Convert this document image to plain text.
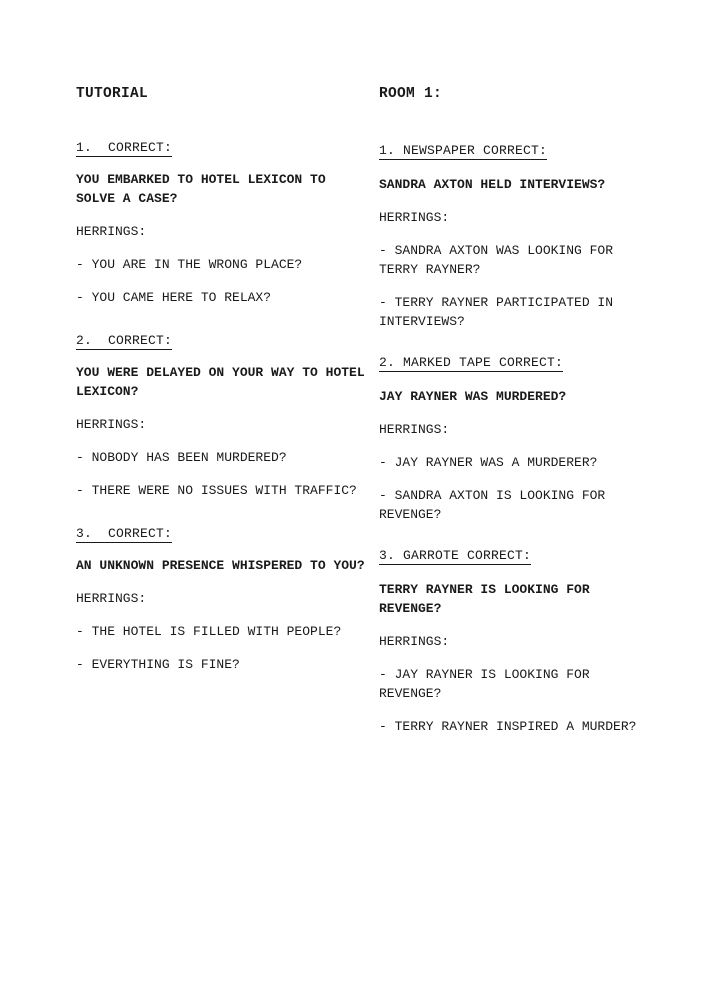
TUTORIAL
1.  CORRECT:
YOU EMBARKED TO HOTEL LEXICON TO SOLVE A CASE?
HERRINGS:
- YOU ARE IN THE WRONG PLACE?
- YOU CAME HERE TO RELAX?
2.  CORRECT:
YOU WERE DELAYED ON YOUR WAY TO HOTEL LEXICON?
HERRINGS:
- NOBODY HAS BEEN MURDERED?
- THERE WERE NO ISSUES WITH TRAFFIC?
3.  CORRECT:
AN UNKNOWN PRESENCE WHISPERED TO YOU?
HERRINGS:
- THE HOTEL IS FILLED WITH PEOPLE?
- EVERYTHING IS FINE?
ROOM 1:
1. NEWSPAPER CORRECT:
SANDRA AXTON HELD INTERVIEWS?
HERRINGS:
- SANDRA AXTON WAS LOOKING FOR TERRY RAYNER?
- TERRY RAYNER PARTICIPATED IN INTERVIEWS?
2. MARKED TAPE CORRECT:
JAY RAYNER WAS MURDERED?
HERRINGS:
- JAY RAYNER WAS A MURDERER?
- SANDRA AXTON IS LOOKING FOR REVENGE?
3. GARROTE CORRECT:
TERRY RAYNER IS LOOKING FOR REVENGE?
HERRINGS:
- JAY RAYNER IS LOOKING FOR REVENGE?
- TERRY RAYNER INSPIRED A MURDER?
